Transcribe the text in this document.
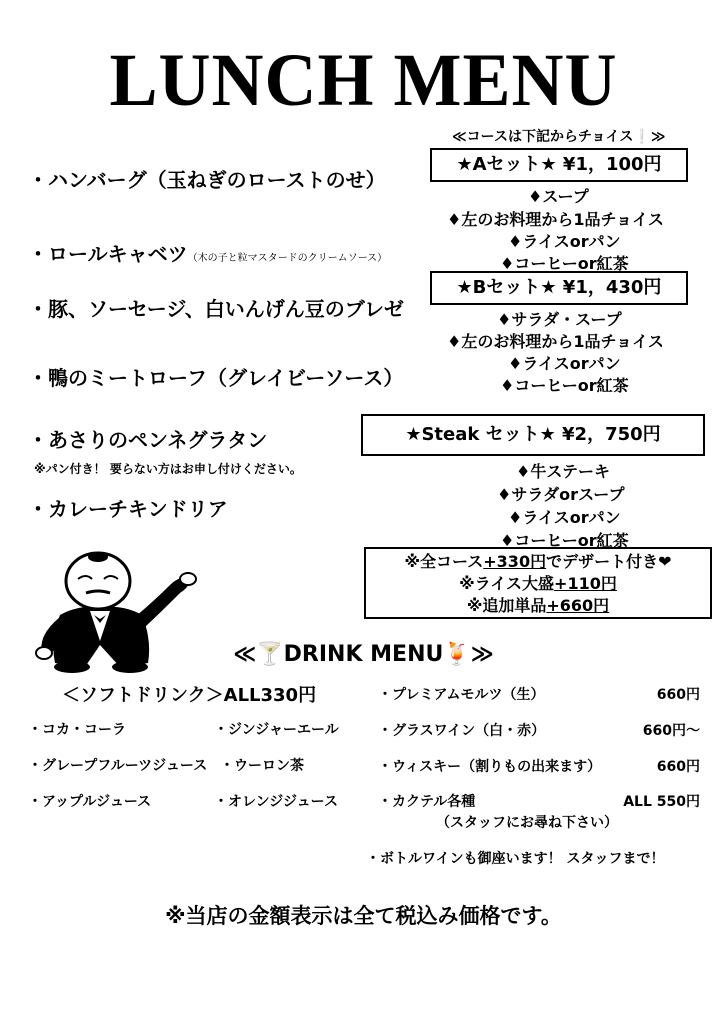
LUNCH MENU
・ハンバーグ（玉ねぎのローストのせ）
・ロールキャベツ（木の子と粒マスタードのクリームソース）
・豚、ソーセージ、白いんげん豆のブレゼ
・鴨のミートローフ（グレイビーソース）
・あさりのペンネグラタン
※パン付き！ 要らない方はお申し付けください。
・カレーチキンドリア
≪コースは下記からチョイス❕≫
★Aセット★ ¥1，100円
♦スープ
♦左のお料理から1品チョイス
♦ライスorパン
♦コーヒーor紅茶
★Bセット★ ¥1，430円
♦サラダ・スープ
♦左のお料理から1品チョイス
♦ライスorパン
♦コーヒーor紅茶
★Steak セット★ ¥2，750円
♦牛ステーキ
♦サラダorスープ
♦ライスorパン
♦コーヒーor紅茶
※全コース+330円でデザート付き❤
※ライス大盛+110円
※追加単品+660円
≪🍸DRINK MENU🍹≫
＜ソフトドリンク＞ALL330円
・コカ・コーラ	・ジンジャーエール
・グレープフルーツジュース ・ウーロン茶
・アップルジュース	・オレンジジュース
・プレミアムモルツ（生）	660円
・グラスワイン（白・赤）	660円～
・ウィスキー（割りもの出来ます）	660円
・カクテル各種	ALL 550円
（スタッフにお尋ね下さい）
・ボトルワインも御座います！ スタッフまで！
※当店の金額表示は全て税込み価格です。
